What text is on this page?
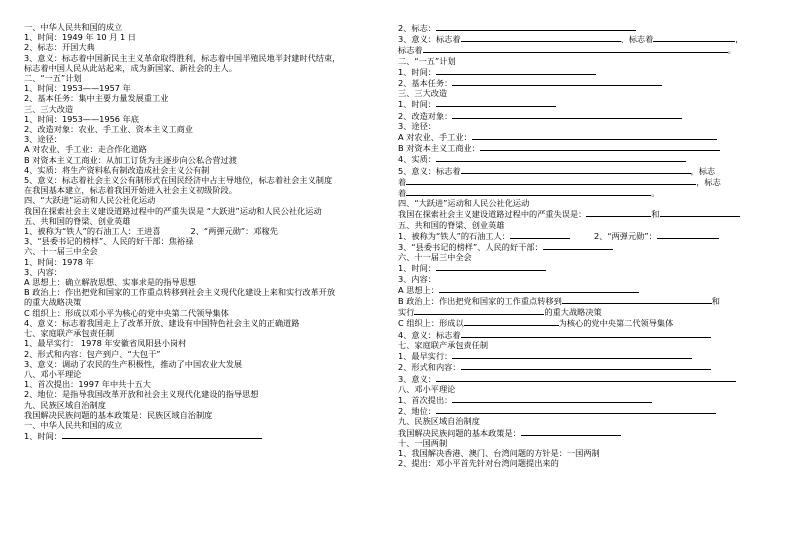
一、中华人民共和国的成立
1、时间：1949 年 10 月 1 日
2、标志：开国大典
3、意义：标志着中国新民主主义革命取得胜利，标志着中国半殖民地半封建时代结束，
标志着中国人民从此站起来，成为新国家、新社会的主人。
二、“一五”计划
1、时间：1953——1957 年
2、基本任务：集中主要力量发展重工业
三、三大改造
1、时间：1953——1956 年底
2、改造对象：农业、手工业、资本主义工商业
3、途径：
A 对农业、手工业：走合作化道路
B 对资本主义工商业：从加工订货为主逐步向公私合营过渡
4、实质：将生产资料私有制改造成社会主义公有制
5、意义：标志着社会主义公有制形式在国民经济中占主导地位，标志着社会主义制度
在我国基本建立，标志着我国开始进入社会主义初级阶段。
四、“大跃进”运动和人民公社化运动
我国在探索社会主义建设道路过程中的严重失误是 “大跃进”运动和人民公社化运动
五、共和国的脊梁、创业英雄
1、被称为“铁人”的石油工人：王进喜	2、“两弹元勋”：邓稼先
3、“县委书记的榜样”、人民的好干部：焦裕禄
六、十一届三中全会
1、时间：1978 年
3、内容：
A 思想上：确立解放思想、实事求是的指导思想
B 政治上：作出把党和国家的工作重点转移到社会主义现代化建设上来和实行改革开放
的重大战略决策
C 组织上：形成以邓小平为核心的党中央第二代领导集体
4、意义：标志着我国走上了改革开放、建设有中国特色社会主义的正确道路
七、家庭联产承包责任制
1、最早实行： 1978 年安徽省凤阳县小岗村
2、形式和内容：包产到户、“大包干”
3、意义：调动了农民的生产积极性，推动了中国农业大发展
八、邓小平理论
1、首次提出：1997 年中共十五大
2、地位：是指导我国改革开放和社会主义现代化建设的指导思想
九、民族区域自治制度
我国解决民族问题的基本政策是：民族区域自治制度
一、中华人民共和国的成立
1、时间：
2、标志：
3、意义：标志着	、标志着	，
标志着	。
二、“一五”计划
1、时间：
2、基本任务：
三、三大改造
1、时间：
2、改造对象：
3、途径：
A 对农业、手工业：
B 对资本主义工商业：
4、实质：
5、意义：标志着	，标志
着	，标志
着	。
四、“大跃进”运动和人民公社化运动
我国在探索社会主义建设道路过程中的严重失误是：	和
五、共和国的脊梁、创业英雄
1、被称为“铁人”的石油工人：	2、“两弹元勋”：
3、“县委书记的榜样”、人民的好干部：
六、十一届三中全会
1、时间：
3、内容：
A 思想上：
B 政治上：作出把党和国家的工作重点转移到	和
实行	的重大战略决策
C 组织上：形成以	为核心的党中央第二代领导集体
4、意义：标志着
七、家庭联产承包责任制
1、最早实行：
2、形式和内容：
3、意义：
八、邓小平理论
1、首次提出：
2、地位：
九、民族区域自治制度
我国解决民族问题的基本政策是：
十、一国两制
1、我国解决香港、澳门、台湾问题的方针是：一国两制
2、提出：邓小平首先针对台湾问题提出来的
